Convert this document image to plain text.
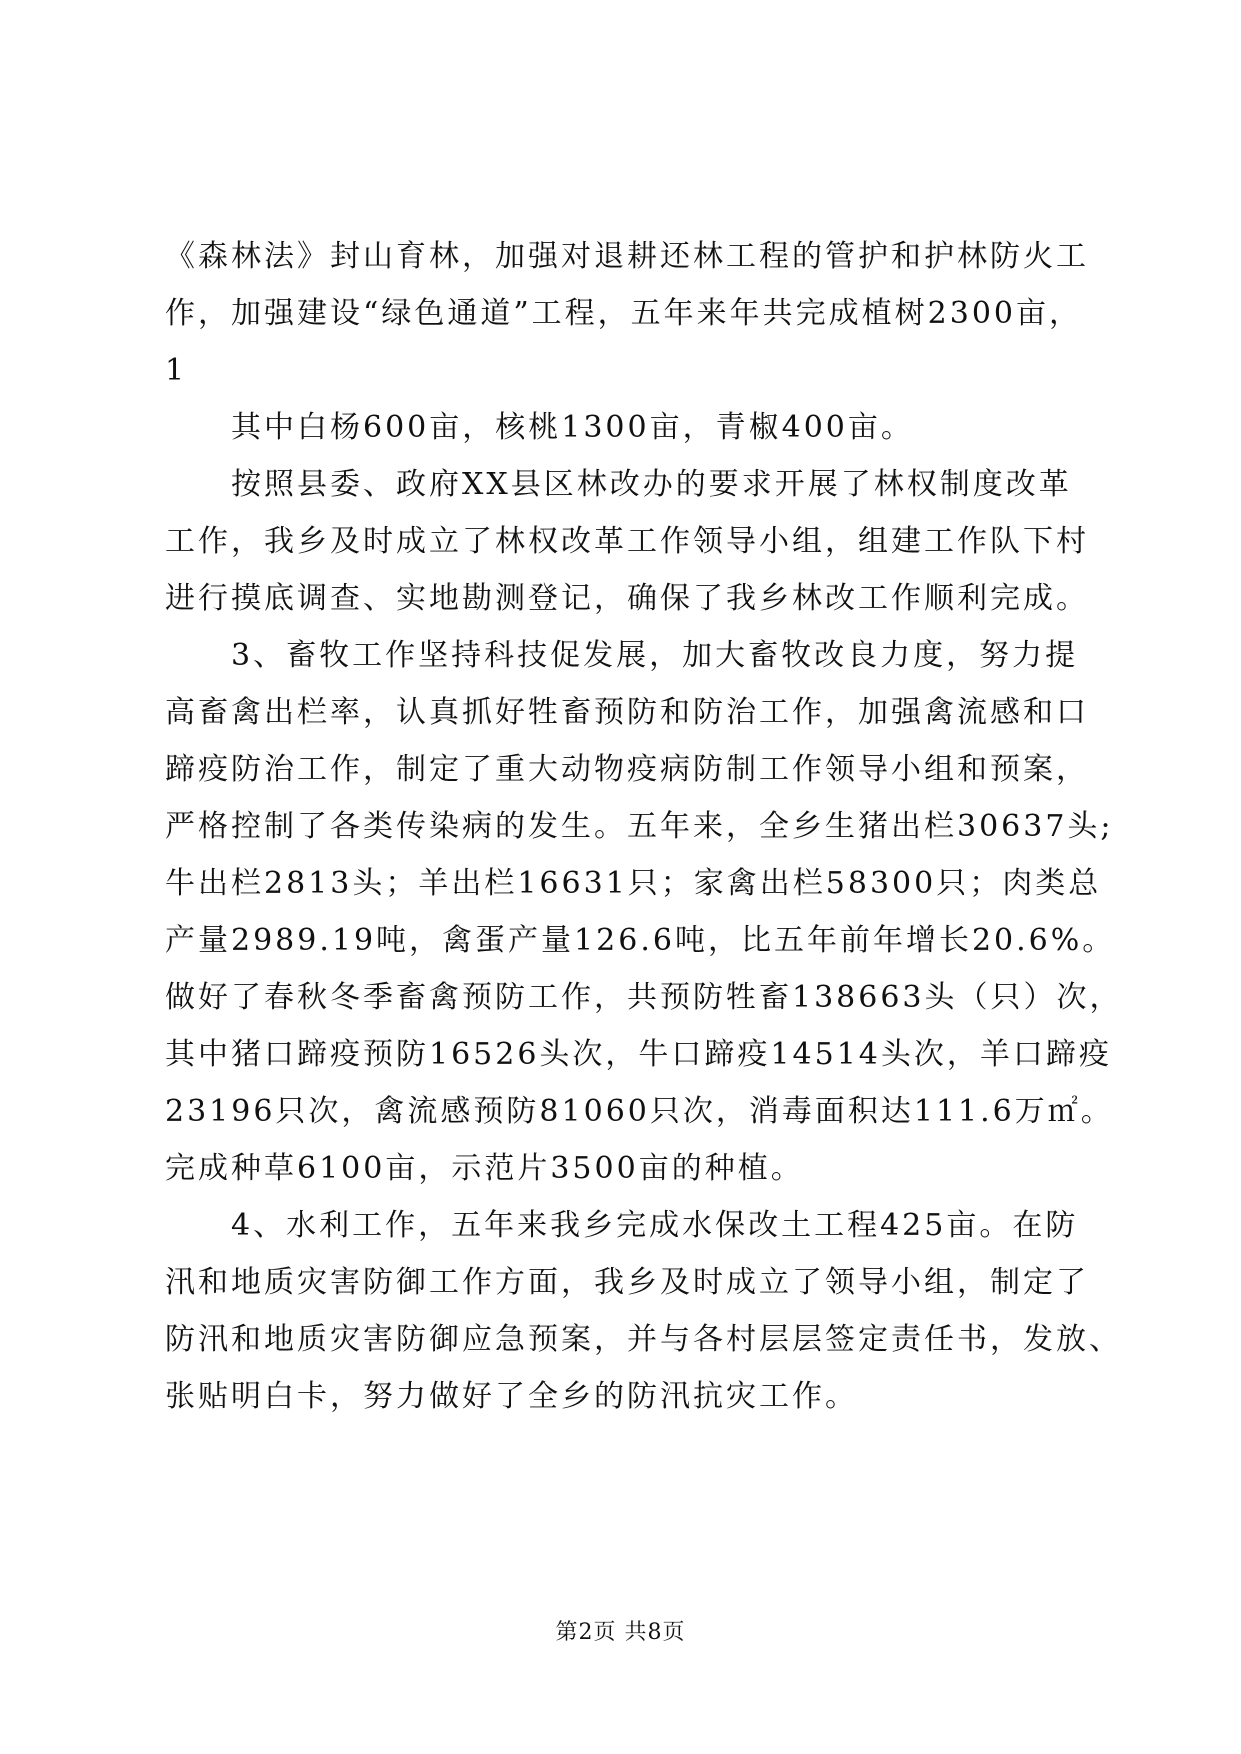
《森林法》封山育林，加强对退耕还林工程的管护和护林防火工
作，加强建设“绿色通道”工程，五年来年共完成植树2300亩，
1
其中白杨600亩，核桃1300亩，青椒400亩。
按照县委、政府XX县区林改办的要求开展了林权制度改革
工作，我乡及时成立了林权改革工作领导小组，组建工作队下村
进行摸底调查、实地勘测登记，确保了我乡林改工作顺利完成。
3、畜牧工作坚持科技促发展，加大畜牧改良力度，努力提
高畜禽出栏率，认真抓好牲畜预防和防治工作，加强禽流感和口
蹄疫防治工作，制定了重大动物疫病防制工作领导小组和预案，
严格控制了各类传染病的发生。五年来，全乡生猪出栏30637头;
牛出栏2813头；羊出栏16631只；家禽出栏58300只；肉类总
产量2989.19吨，禽蛋产量126.6吨，比五年前年增长20.6%。
做好了春秋冬季畜禽预防工作，共预防牲畜138663头（只）次，
其中猪口蹄疫预防16526头次，牛口蹄疫14514头次，羊口蹄疫
23196只次，禽流感预防81060只次，消毒面积达111.6万㎡。
完成种草6100亩，示范片3500亩的种植。
4、水利工作，五年来我乡完成水保改土工程425亩。在防
汛和地质灾害防御工作方面，我乡及时成立了领导小组，制定了
防汛和地质灾害防御应急预案，并与各村层层签定责任书，发放、
张贴明白卡，努力做好了全乡的防汛抗灾工作。
第2页 共8页
